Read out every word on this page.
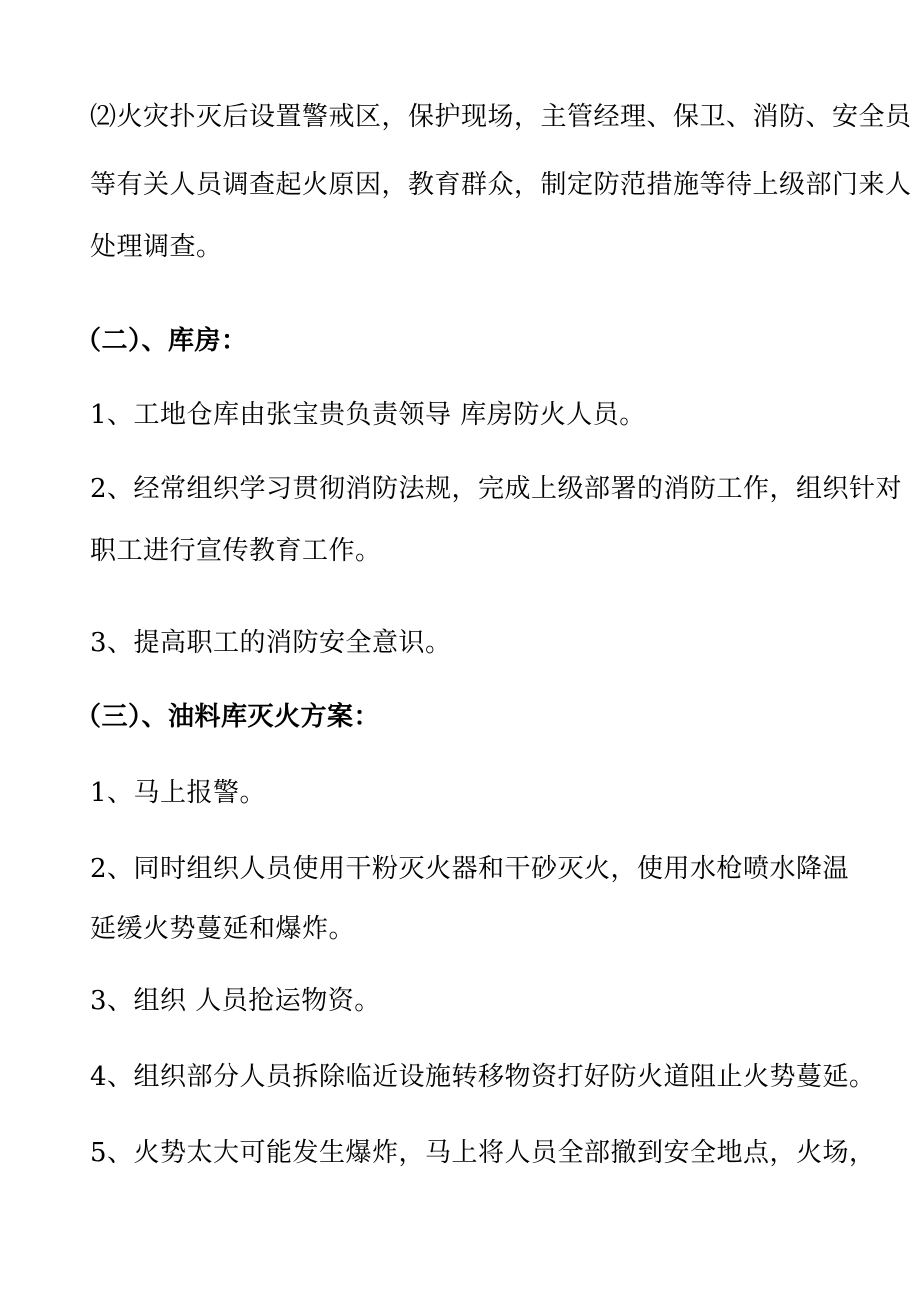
⑵火灾扑灭后设置警戒区，保护现场，主管经理、保卫、消防、安全员
等有关人员调查起火原因，教育群众，制定防范措施等待上级部门来人
处理调查。
（二）、库房：
1、工地仓库由张宝贵负责领导 库房防火人员。
2、经常组织学习贯彻消防法规，完成上级部署的消防工作，组织针对
职工进行宣传教育工作。
3、提高职工的消防安全意识。
（三）、油料库灭火方案：
1、马上报警。
2、同时组织人员使用干粉灭火器和干砂灭火，使用水枪喷水降温
延缓火势蔓延和爆炸。
3、组织 人员抢运物资。
4、组织部分人员拆除临近设施转移物资打好防火道阻止火势蔓延。
5、火势太大可能发生爆炸，马上将人员全部撤到安全地点，火场，
